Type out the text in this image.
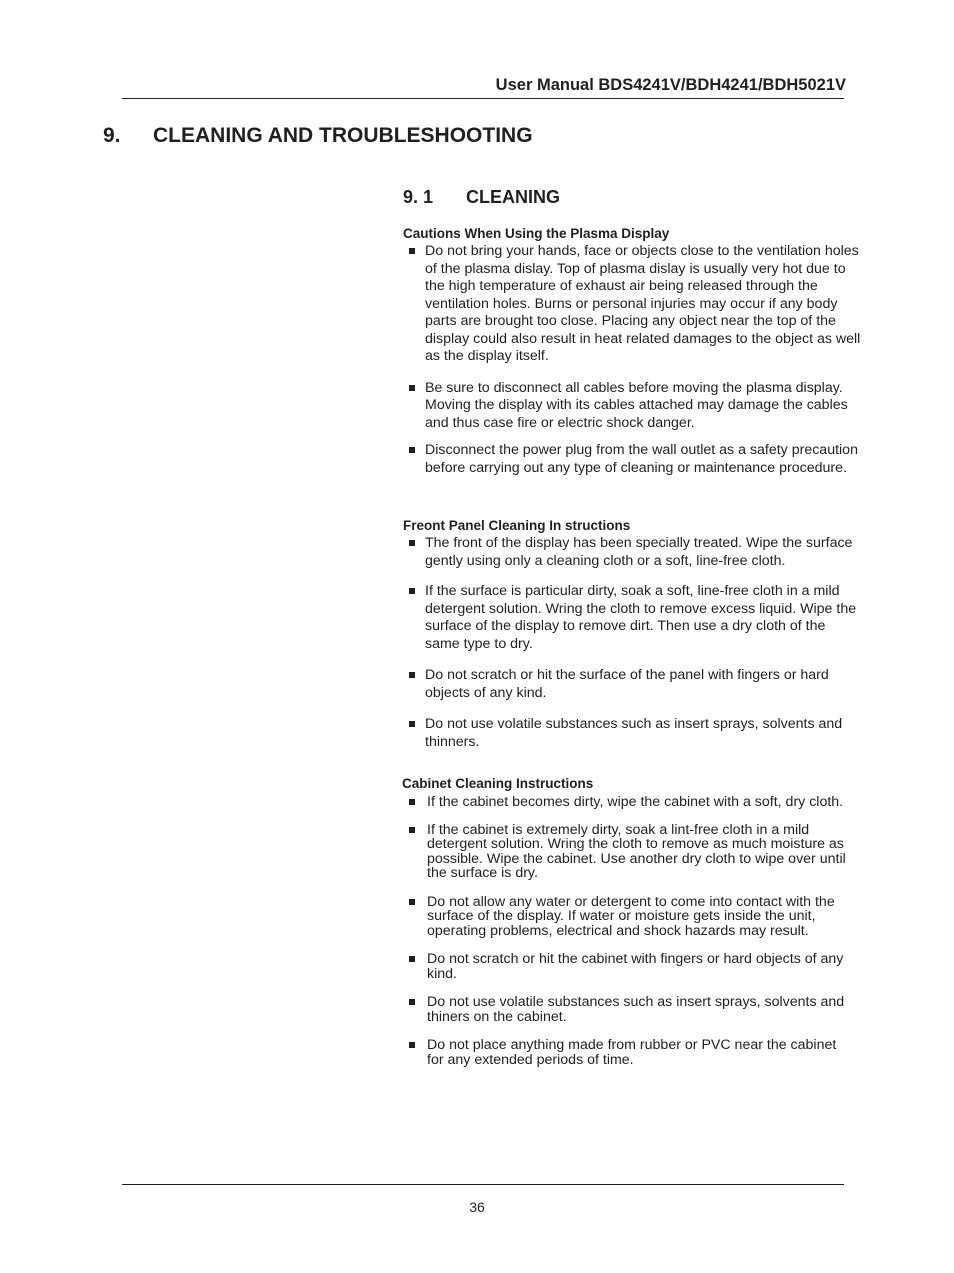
User Manual BDS4241V/BDH4241/BDH5021V
9. CLEANING AND TROUBLESHOOTING
9. 1 CLEANING
Cautions When Using the Plasma Display
Do not bring your hands, face or objects close to the ventilation holes of the plasma dislay. Top of plasma dislay is usually very hot due to the high temperature of exhaust air being released through the ventilation holes. Burns or personal injuries may occur if any body parts are brought too close. Placing any object near the top of the display could also result in heat related damages to the object as well as the display itself.
Be sure to disconnect all cables before moving the plasma display. Moving the display with its cables attached may damage the cables and thus case fire or electric shock danger.
Disconnect the power plug from the wall outlet as a safety precaution before carrying out any type of cleaning or maintenance procedure.
Freont Panel Cleaning In structions
The front of the display has been specially treated. Wipe the surface gently using only a cleaning cloth or a soft, line-free cloth.
If the surface is particular dirty, soak a soft, line-free cloth in a mild detergent solution. Wring the cloth to remove excess liquid. Wipe the surface of the display to remove dirt. Then use a dry cloth of the same type to dry.
Do not scratch or hit the surface of the panel with fingers or hard objects of any kind.
Do not use volatile substances such as insert sprays, solvents and thinners.
Cabinet Cleaning Instructions
If the cabinet becomes dirty, wipe the cabinet with a soft, dry cloth.
If the cabinet is extremely dirty, soak a lint-free cloth in a mild detergent solution. Wring the cloth to remove as much moisture as possible. Wipe the cabinet. Use another dry cloth to wipe over until the surface is dry.
Do not allow any water or detergent to come into contact with the surface of the display. If water or moisture gets inside the unit, operating problems, electrical and shock hazards may result.
Do not scratch or hit the cabinet with fingers or hard objects of any kind.
Do not use volatile substances such as insert sprays, solvents and thiners on the cabinet.
Do not place anything made from rubber or PVC near the cabinet for any extended periods of time.
36
